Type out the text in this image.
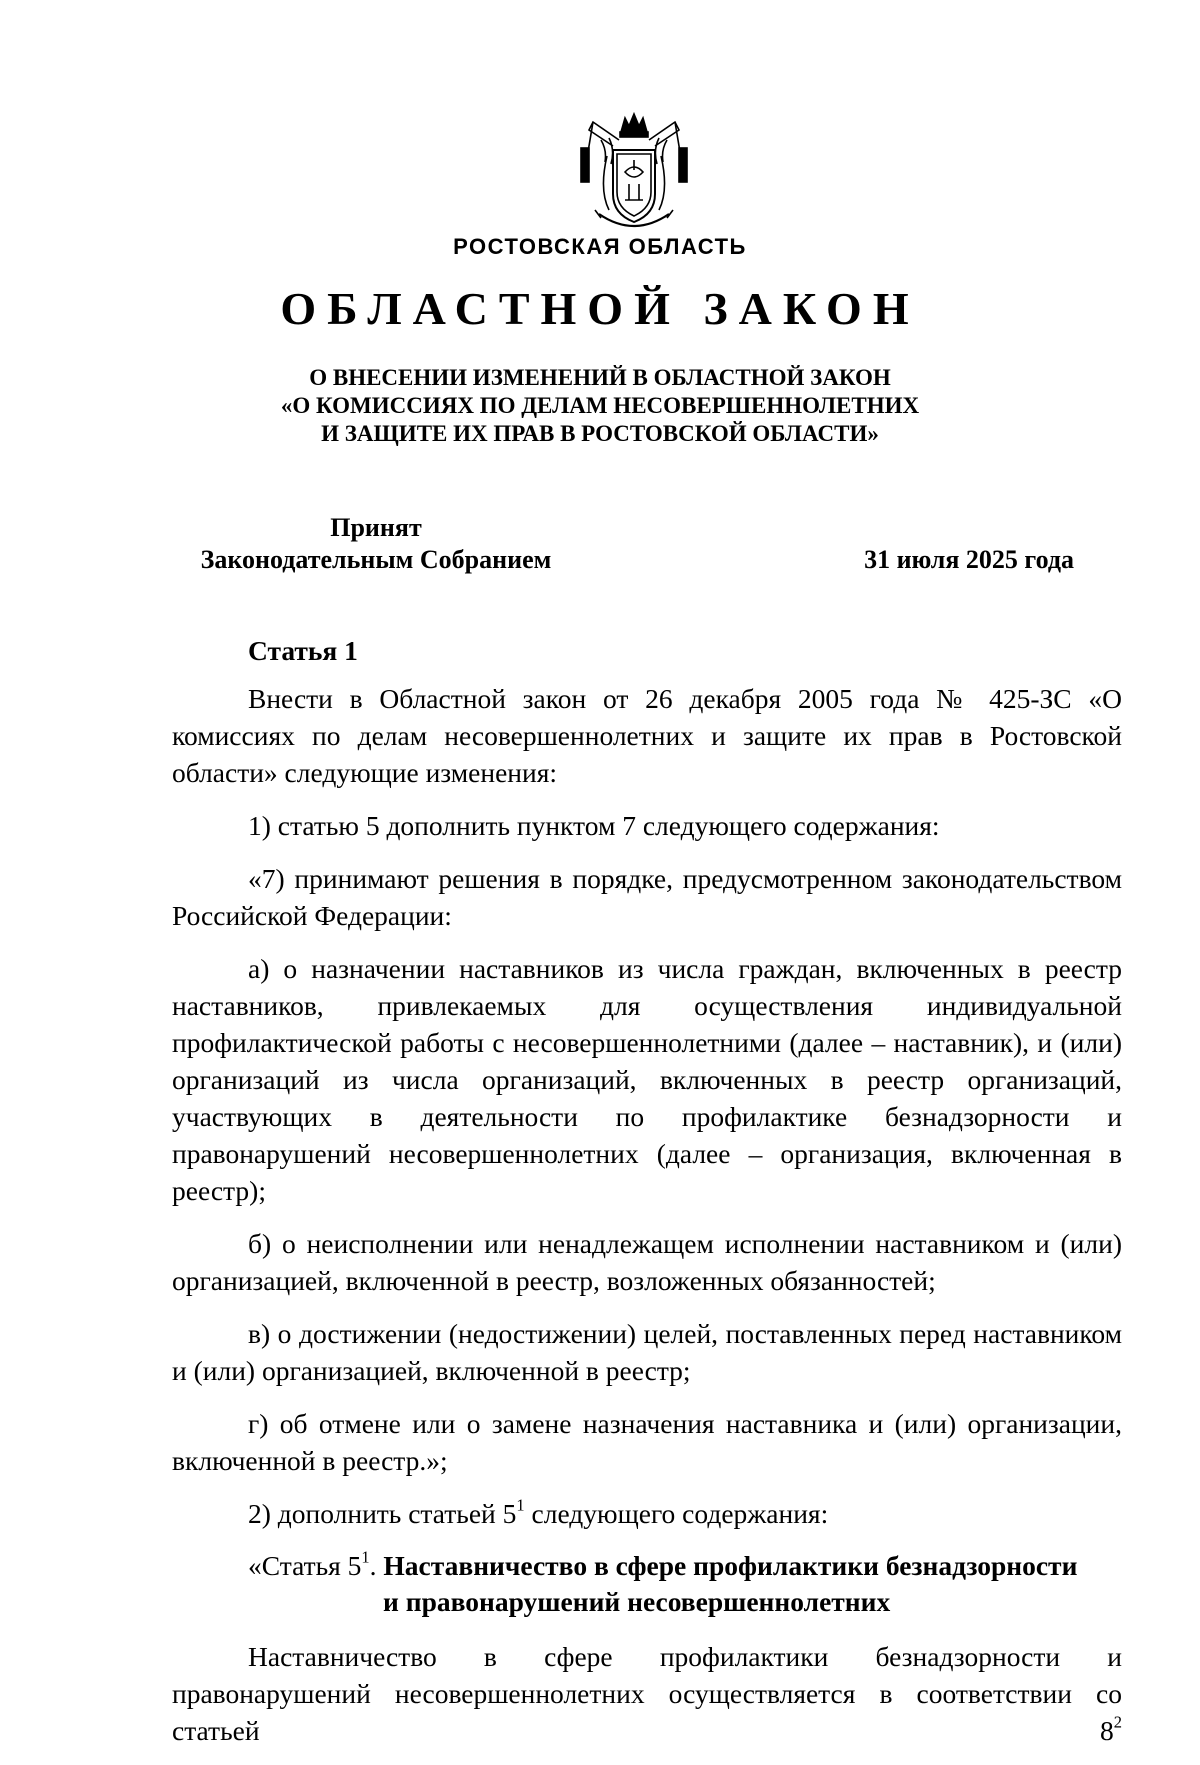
РОСТОВСКАЯ ОБЛАСТЬ
ОБЛАСТНОЙ ЗАКОН
О ВНЕСЕНИИ ИЗМЕНЕНИЙ В ОБЛАСТНОЙ ЗАКОН
«О КОМИССИЯХ ПО ДЕЛАМ НЕСОВЕРШЕННОЛЕТНИХ
И ЗАЩИТЕ ИХ ПРАВ В РОСТОВСКОЙ ОБЛАСТИ»
Принят
Законодательным Собранием	31 июля 2025 года
Статья 1

Внести в Областной закон от 26 декабря 2005 года № 425-ЗС «О комиссиях по делам несовершеннолетних и защите их прав в Ростовской области» следующие изменения:

1) статью 5 дополнить пунктом 7 следующего содержания:

«7) принимают решения в порядке, предусмотренном законодательством Российской Федерации:

а) о назначении наставников из числа граждан, включенных в реестр наставников, привлекаемых для осуществления индивидуальной профилактической работы с несовершеннолетними (далее – наставник), и (или) организаций из числа организаций, включенных в реестр организаций, участвующих в деятельности по профилактике безнадзорности и правонарушений несовершеннолетних (далее – организация, включенная в реестр);

б) о неисполнении или ненадлежащем исполнении наставником и (или) организацией, включенной в реестр, возложенных обязанностей;

в) о достижении (недостижении) целей, поставленных перед наставником и (или) организацией, включенной в реестр;

г) об отмене или о замене назначения наставника и (или) организации, включенной в реестр.»;

2) дополнить статьей $5^1$ следующего содержания:

«Статья $5^1$. Наставничество в сфере профилактики безнадзорности
и правонарушений несовершеннолетних

Наставничество в сфере профилактики безнадзорности и правонарушений несовершеннолетних осуществляется в соответствии со статьей $8^2$
